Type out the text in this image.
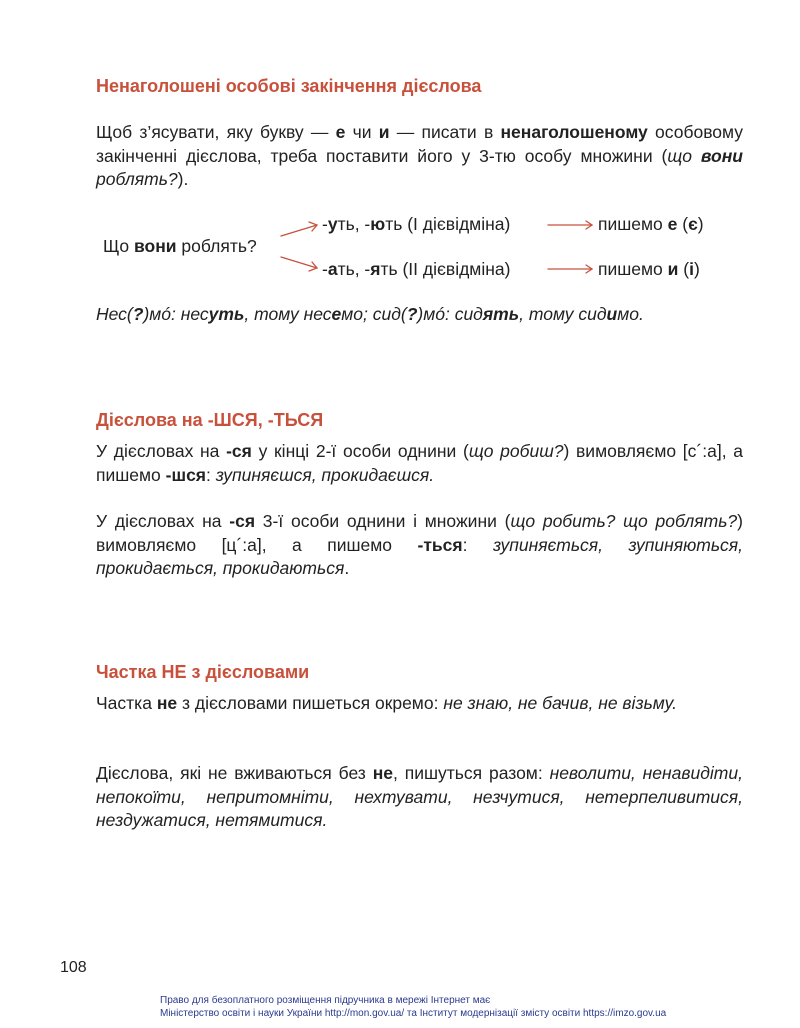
Ненаголошені особові закінчення дієслова

Щоб з’ясувати, яку букву — е чи и — писати в ненаголошеному особовому закінченні дієслова, треба поставити його у 3-тю особу множини (що вони роблять?).

Що вони роблять?
-уть, -ють (І дієвідміна)	пишемо е (є)
-ать, -ять (ІІ дієвідміна)	пишемо и (і)

Нес(?)мó: несуть, тому несемо; сид(?)мó: сидять, тому сидимо.

Дієслова на -ШСЯ, -ТЬСЯ

У дієсловах на -ся у кінці 2-ї особи однини (що робиш?) вимовляємо [с´:а], а пишемо -шся: зупиняєшся, прокидаєшся.

У дієсловах на -ся 3-ї особи однини і множини (що робить? що роблять?) вимовляємо [ц´:а], а пишемо -ться: зупиняється, зупиняються, прокидається, прокидаються.

Частка НЕ з дієсловами

Частка не з дієсловами пишеться окремо: не знаю, не бачив, не візьму.

Дієслова, які не вживаються без не, пишуться разом: неволити, ненавидіти, непокоїти, непритомніти, нехтувати, незчутися, нетерпеливитися, нездужатися, нетямитися.

108
Право для безоплатного розміщення підручника в мережі Інтернет має
Міністерство освіти і науки України http://mon.gov.ua/ та Інститут модернізації змісту освіти https://imzo.gov.ua
